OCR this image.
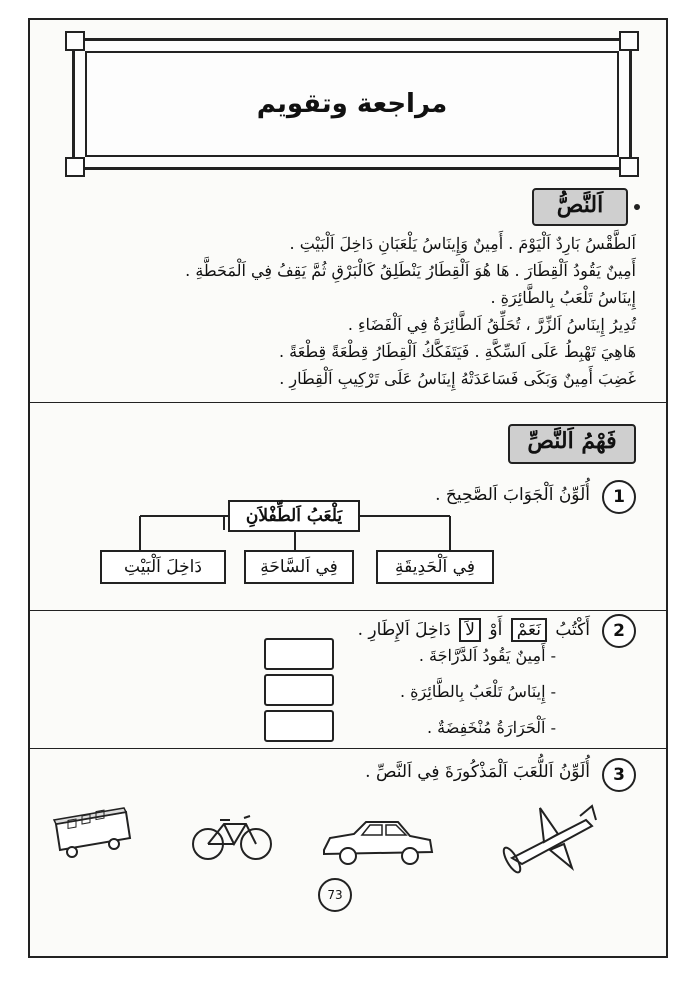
مراجعة وتقويم
اَلنَّصُّ
اَلطَّقْسُ بَارِدٌ اَلْيَوْمَ . أَمِينٌ وَإِينَاسُ يَلْعَبَانِ دَاخِلَ اَلْبَيْتِ .
أَمِينٌ يَقُودُ اَلْقِطَارَ . هَا هُوَ اَلْقِطَارُ يَنْطَلِقُ كَالْبَرْقِ ثُمَّ يَقِفُ فِي اَلْمَحَطَّةِ .
إِينَاسُ تَلْعَبُ بِالطَّائِرَةِ .
تُدِيرُ إِينَاسُ اَلزِّرَّ ، تُحَلِّقُ اَلطَّائِرَةُ فِي اَلْفَضَاءِ .
هَاهِيَ تَهْبِطُ عَلَى اَلسِّكَّةِ . فَيَتَفَكَّكُ اَلْقِطَارُ قِطْعَةً قِطْعَةً .
غَضِبَ أَمِينٌ وَبَكَى فَسَاعَدَتْهُ إِينَاسُ عَلَى تَرْكِيبِ اَلْقِطَارِ .
فَهْمُ اَلنَّصِّ
1
أُلَوِّنُ اَلْجَوَابَ اَلصَّحِيحَ .
يَلْعَبُ اَلطِّفْلاَنِ
فِي اَلْحَدِيقَةِ
فِي اَلسَّاحَةِ
دَاخِلَ اَلْبَيْتِ
2
أَكْتُبُ نَعَمْ أَوْ لاَ دَاخِلَ اَلإِطَارِ .
- أَمِينٌ يَقُودُ اَلدَّرَّاجَةَ .
- إِينَاسُ تَلْعَبُ بِالطَّائِرَةِ .
- اَلْحَرَارَةُ مُنْخَفِضَةٌ .
3
أُلَوِّنُ اَللُّعَبَ اَلْمَذْكُورَةَ فِي اَلنَّصِّ .
73
